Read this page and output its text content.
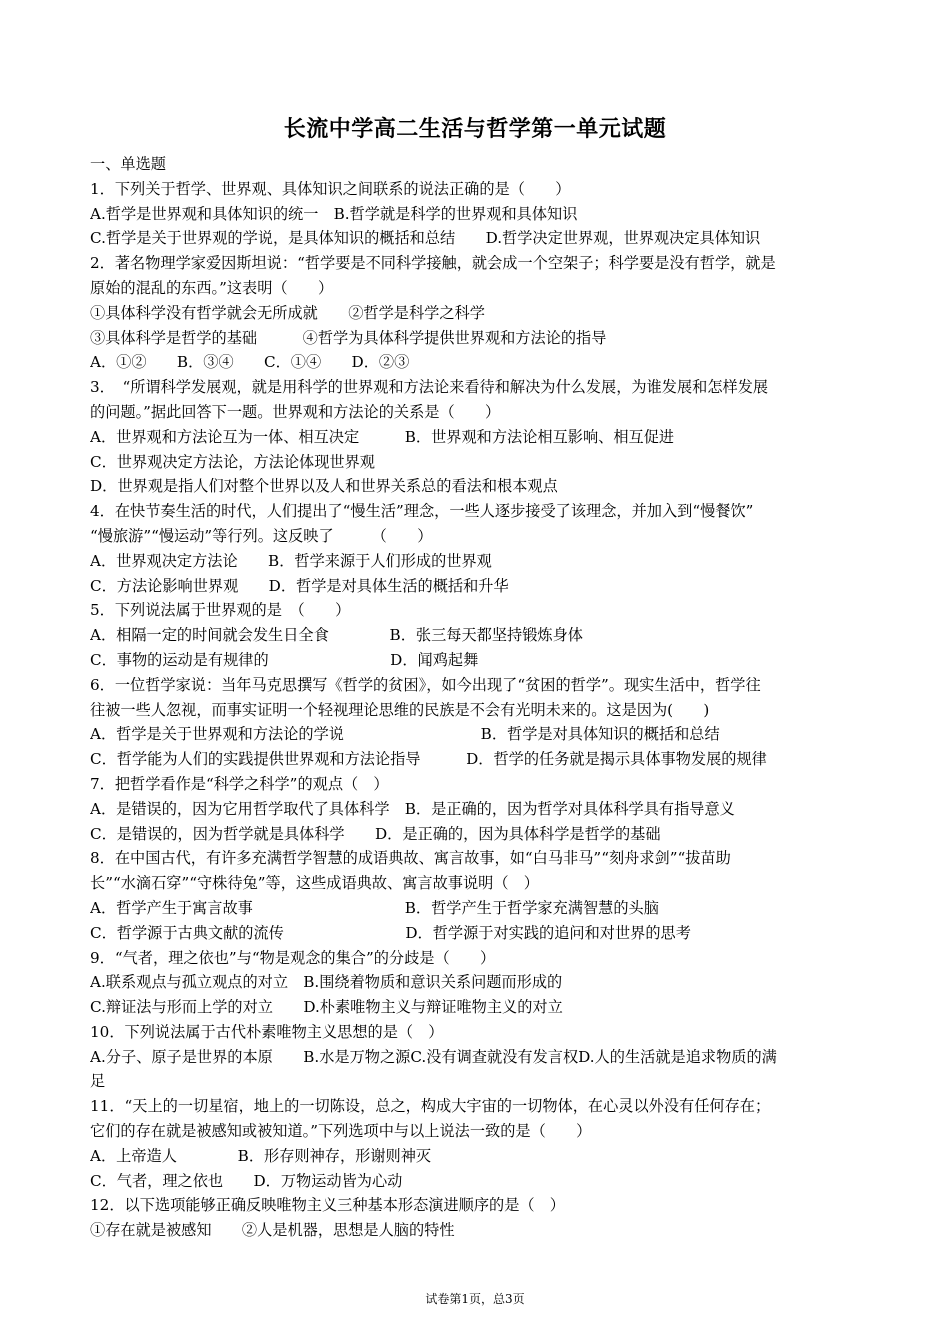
长流中学高二生活与哲学第一单元试题
一、单选题
1．下列关于哲学、世界观、具体知识之间联系的说法正确的是（　　）
A.哲学是世界观和具体知识的统一　B.哲学就是科学的世界观和具体知识
C.哲学是关于世界观的学说，是具体知识的概括和总结　　D.哲学决定世界观，世界观决定具体知识
2．著名物理学家爱因斯坦说：“哲学要是不同科学接触，就会成一个空架子；科学要是没有哲学，就是
原始的混乱的东西。”这表明（　　）
①具体科学没有哲学就会无所成就　　②哲学是科学之科学
③具体科学是哲学的基础　　　④哲学为具体科学提供世界观和方法论的指导
A．①②　　B．③④　　C．①④　　D．②③
3．　“所谓科学发展观，就是用科学的世界观和方法论来看待和解决为什么发展，为谁发展和怎样发展
的问题。”据此回答下一题。世界观和方法论的关系是（　　）
A．世界观和方法论互为一体、相互决定　　　B．世界观和方法论相互影响、相互促进
C．世界观决定方法论，方法论体现世界观
D．世界观是指人们对整个世界以及人和世界关系总的看法和根本观点
4．在快节奏生活的时代，人们提出了“慢生活”理念，一些人逐步接受了该理念，并加入到“慢餐饮”
“慢旅游”“慢运动”等行列。这反映了　　　（　　）
A．世界观决定方法论　　B．哲学来源于人们形成的世界观
C．方法论影响世界观　　D．哲学是对具体生活的概括和升华
5．下列说法属于世界观的是　（　　）
A．相隔一定的时间就会发生日全食　　　　B．张三每天都坚持锻炼身体
C．事物的运动是有规律的　　　　　　　　D．闻鸡起舞
6．一位哲学家说：当年马克思撰写《哲学的贫困》，如今出现了“贫困的哲学”。现实生活中，哲学往
往被一些人忽视，而事实证明一个轻视理论思维的民族是不会有光明未来的。这是因为(　　)
A．哲学是关于世界观和方法论的学说　　　　　　　　　B．哲学是对具体知识的概括和总结
C．哲学能为人们的实践提供世界观和方法论指导　　　D．哲学的任务就是揭示具体事物发展的规律
7．把哲学看作是“科学之科学”的观点（　）
A．是错误的，因为它用哲学取代了具体科学　B．是正确的，因为哲学对具体科学具有指导意义
C．是错误的，因为哲学就是具体科学　　D．是正确的，因为具体科学是哲学的基础
8．在中国古代，有许多充满哲学智慧的成语典故、寓言故事，如“白马非马”“刻舟求剑”“拔苗助
长”“水滴石穿”“守株待兔”等，这些成语典故、寓言故事说明（　）
A．哲学产生于寓言故事　　　　　　　　　　B．哲学产生于哲学家充满智慧的头脑
C．哲学源于古典文献的流传　　　　　　　　D．哲学源于对实践的追问和对世界的思考
9．“气者，理之依也”与“物是观念的集合”的分歧是（　　）
A.联系观点与孤立观点的对立　B.围绕着物质和意识关系问题而形成的
C.辩证法与形而上学的对立　　D.朴素唯物主义与辩证唯物主义的对立
10．下列说法属于古代朴素唯物主义思想的是（　）
A.分子、原子是世界的本原　　B.水是万物之源C.没有调查就没有发言权D.人的生活就是追求物质的满
足
11．“天上的一切星宿，地上的一切陈设，总之，构成大宇宙的一切物体，在心灵以外没有任何存在；
它们的存在就是被感知或被知道。”下列选项中与以上说法一致的是（　　）
A．上帝造人　　　　B．形存则神存，形谢则神灭
C．气者，理之依也　　D．万物运动皆为心动
12．以下选项能够正确反映唯物主义三种基本形态演进顺序的是（　）
①存在就是被感知　　②人是机器，思想是人脑的特性
试卷第1页，总3页
